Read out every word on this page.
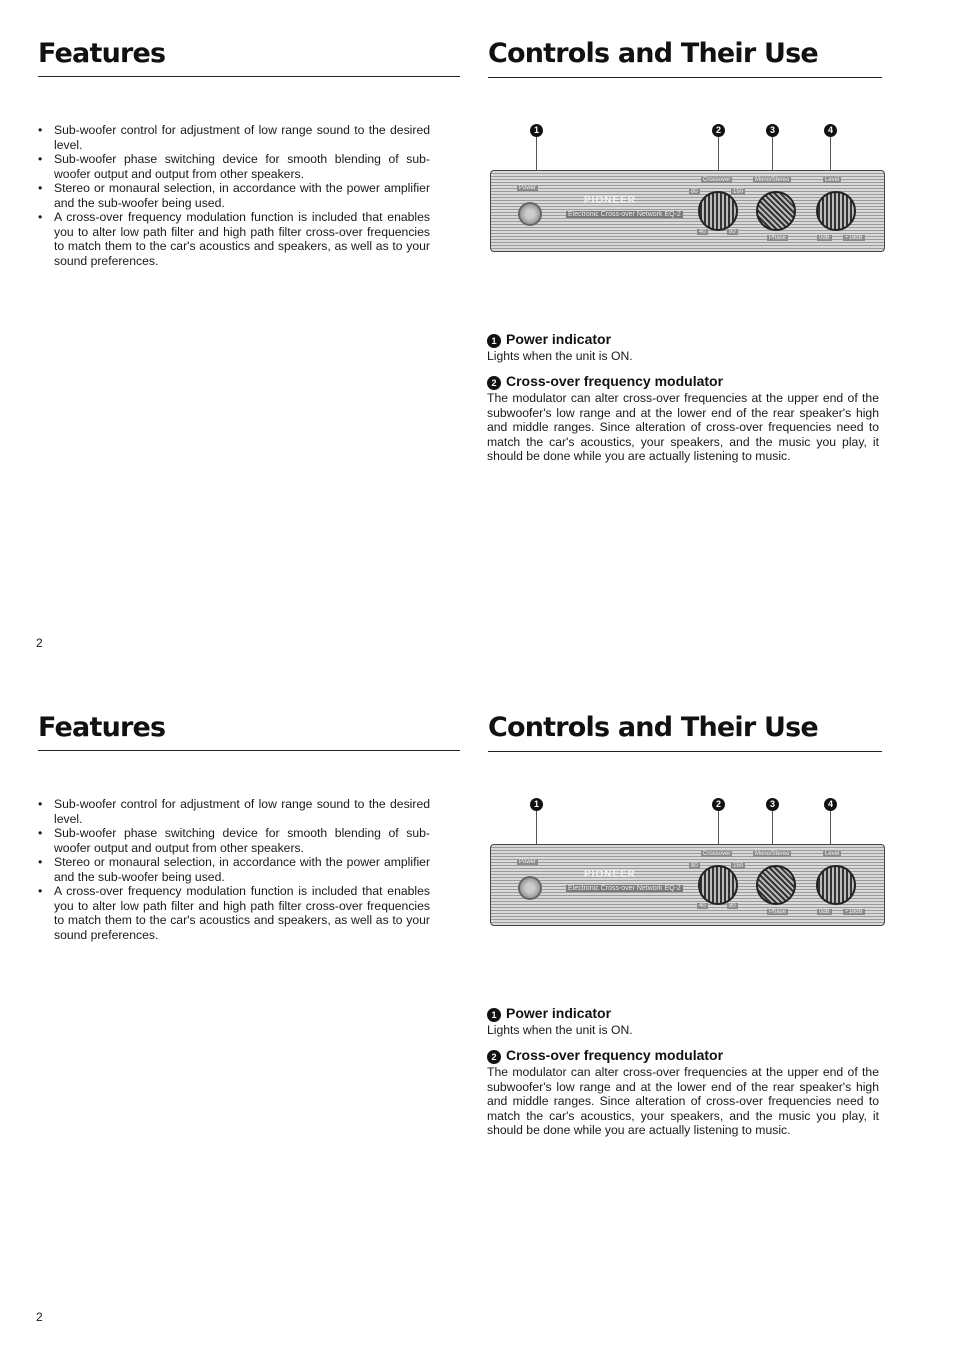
Features	Controls and Their Use
• Sub-woofer control for adjustment of low range sound to the desired level.
• Sub-woofer phase switching device for smooth blending of sub-woofer output and output from other speakers.
• Stereo or monaural selection, in accordance with the power amplifier and the sub-woofer being used.
• A cross-over frequency modulation function is included that enables you to alter low path filter and high path filter cross-over frequencies to match them to the car's acoustics and speakers, as well as to your sound preferences.
1	2	3	4
Power
PIONEER
Electronic Cross-over Network EQ-2
Crossover
80	150
40	80
Mono/Stereo
Phase
Level
0dB	+18dB
1 Power indicator

Lights when the unit is ON.

2 Cross-over frequency modulator

The modulator can alter cross-over frequencies at the upper end of the subwoofer's low range and at the lower end of the rear speaker's high and middle ranges. Since alteration of cross-over frequencies need to match the car's acoustics, your speakers, and the music you play, it should be done while you are actually listening to music.

2
Features	Controls and Their Use
• Sub-woofer control for adjustment of low range sound to the desired level.
• Sub-woofer phase switching device for smooth blending of sub-woofer output and output from other speakers.
• Stereo or monaural selection, in accordance with the power amplifier and the sub-woofer being used.
• A cross-over frequency modulation function is included that enables you to alter low path filter and high path filter cross-over frequencies to match them to the car's acoustics and speakers, as well as to your sound preferences.
1	2	3	4
Power
PIONEER
Electronic Cross-over Network EQ-2
Crossover
80	150
40	80
Mono/Stereo
Phase
Level
0dB	+18dB
1 Power indicator

Lights when the unit is ON.

2 Cross-over frequency modulator

The modulator can alter cross-over frequencies at the upper end of the subwoofer's low range and at the lower end of the rear speaker's high and middle ranges. Since alteration of cross-over frequencies need to match the car's acoustics, your speakers, and the music you play, it should be done while you are actually listening to music.

2
